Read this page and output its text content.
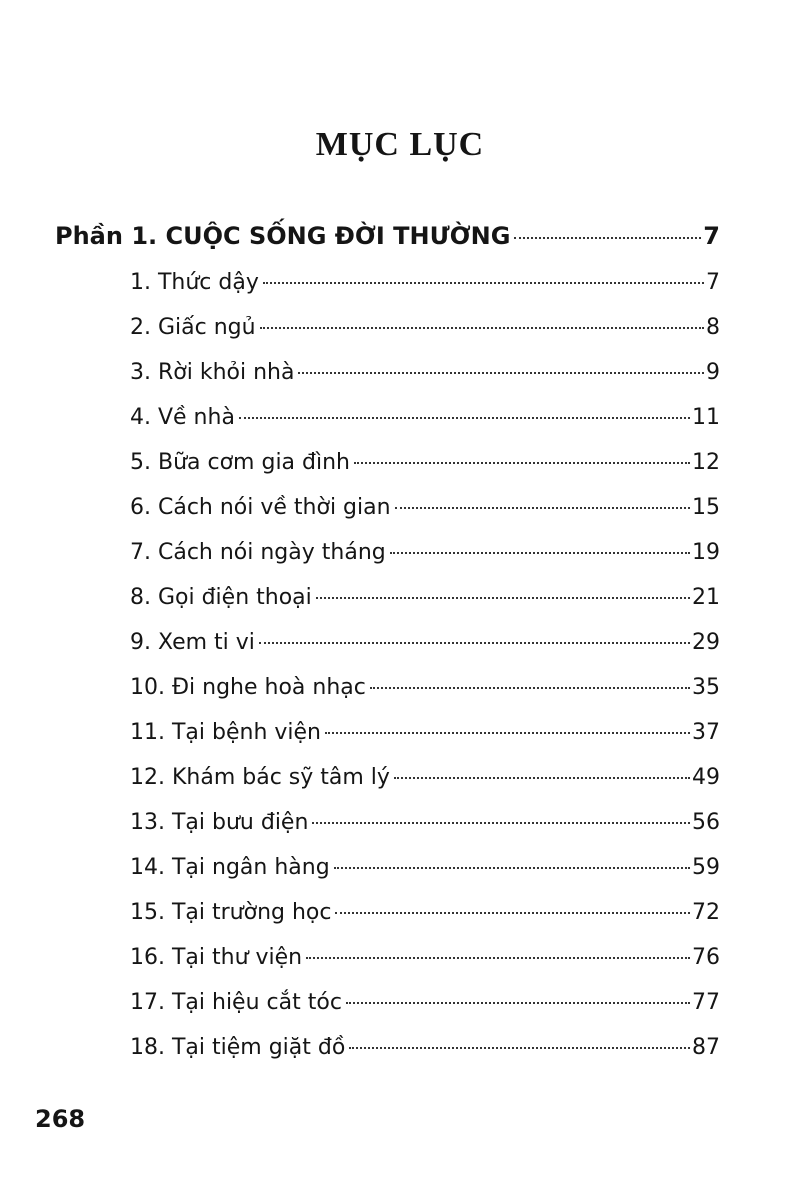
MỤC LỤC
Phần 1. CUỘC SỐNG ĐỜI THƯỜNG	7
1. Thức dậy	7
2. Giấc ngủ	8
3. Rời khỏi nhà	9
4. Về nhà	11
5. Bữa cơm gia đình	12
6. Cách nói về thời gian	15
7. Cách nói ngày tháng	19
8. Gọi điện thoại	21
9. Xem ti vi	29
10. Đi nghe hoà nhạc	35
11. Tại bệnh viện	37
12. Khám bác sỹ tâm lý	49
13. Tại bưu điện	56
14. Tại ngân hàng	59
15. Tại trường học	72
16. Tại thư viện	76
17. Tại hiệu cắt tóc	77
18. Tại tiệm giặt đồ	87
268
